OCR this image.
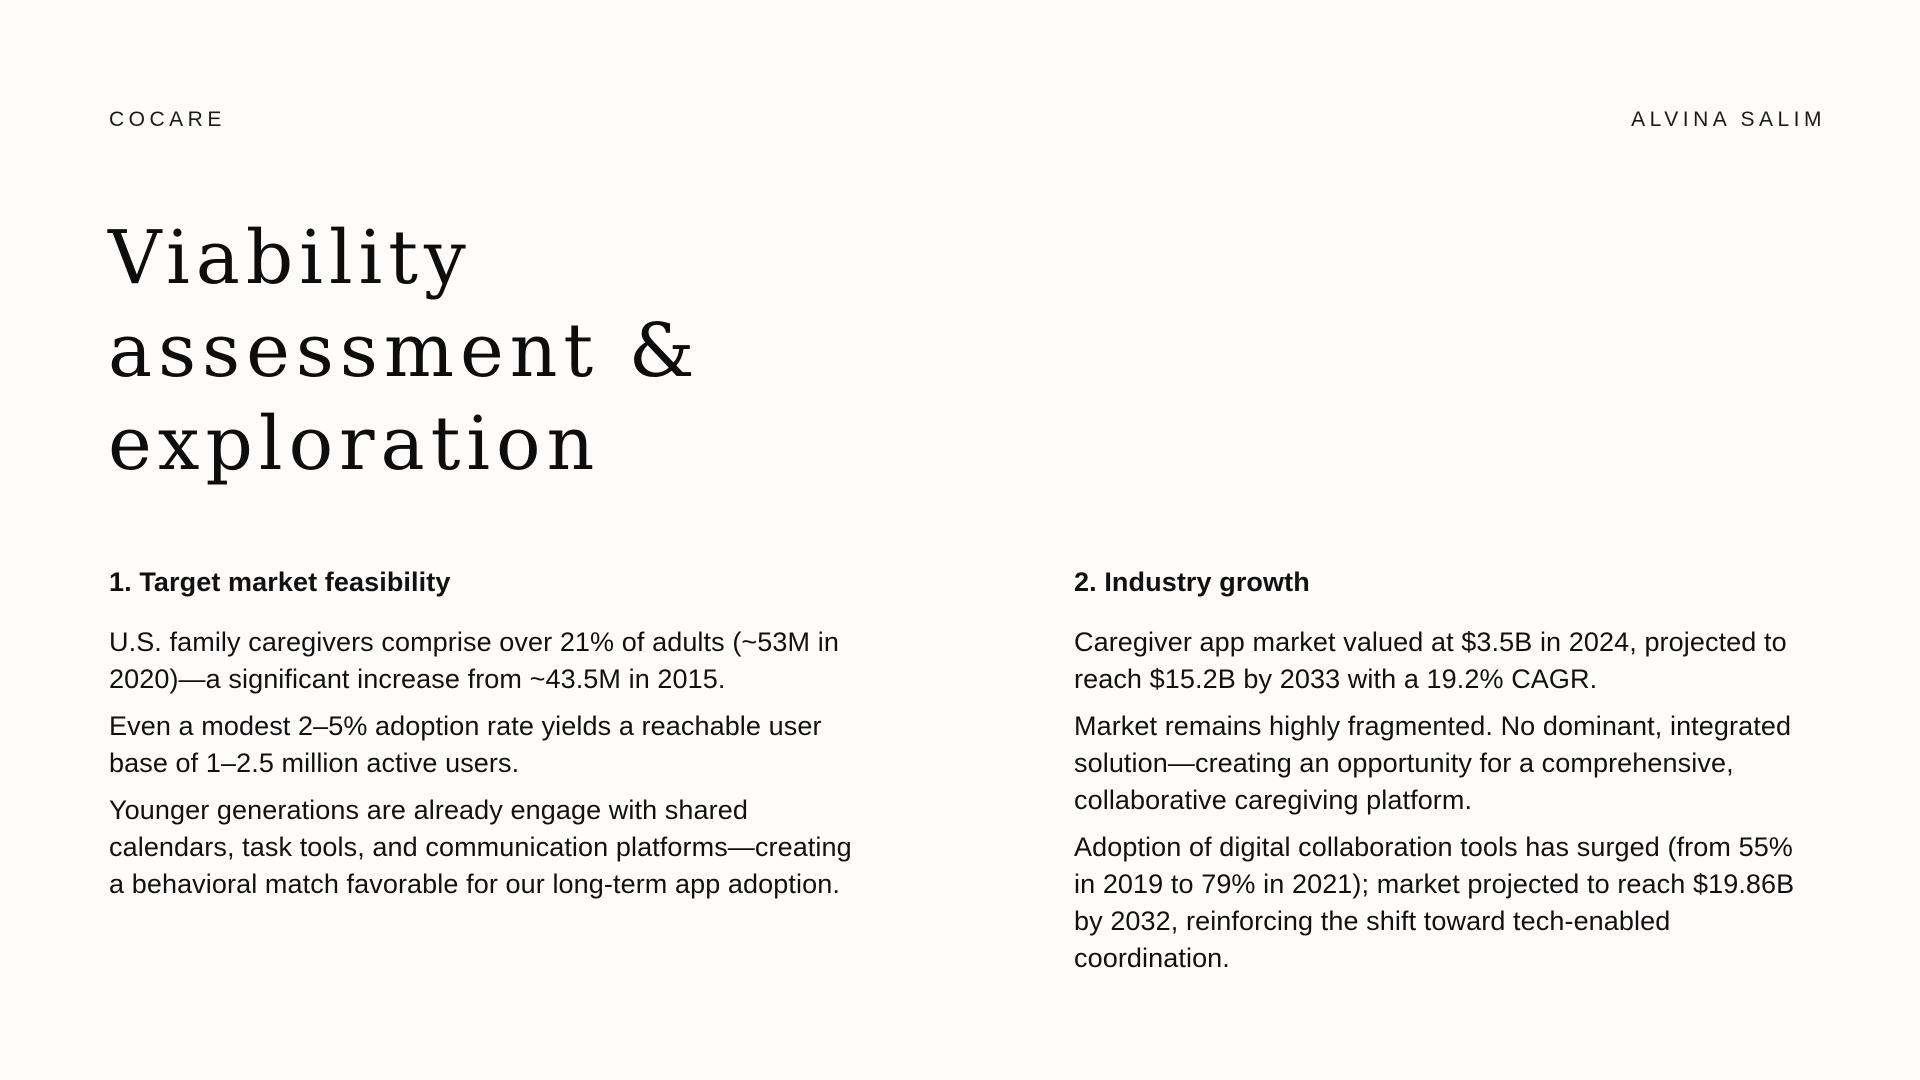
COCARE	ALVINA SALIM
Viability
assessment &
exploration
1. Target market feasibility

U.S. family caregivers comprise over 21% of adults (~53M in 2020)—a significant increase from ~43.5M in 2015.

Even a modest 2–5% adoption rate yields a reachable user base of 1–2.5 million active users.

Younger generations are already engage with shared calendars, task tools, and communication platforms—creating a behavioral match favorable for our long-term app adoption.

2. Industry growth

Caregiver app market valued at $3.5B in 2024, projected to reach $15.2B by 2033 with a 19.2% CAGR.

Market remains highly fragmented. No dominant, integrated solution—creating an opportunity for a comprehensive, collaborative caregiving platform.

Adoption of digital collaboration tools has surged (from 55% in 2019 to 79% in 2021); market projected to reach $19.86B by 2032, reinforcing the shift toward tech-enabled coordination.
